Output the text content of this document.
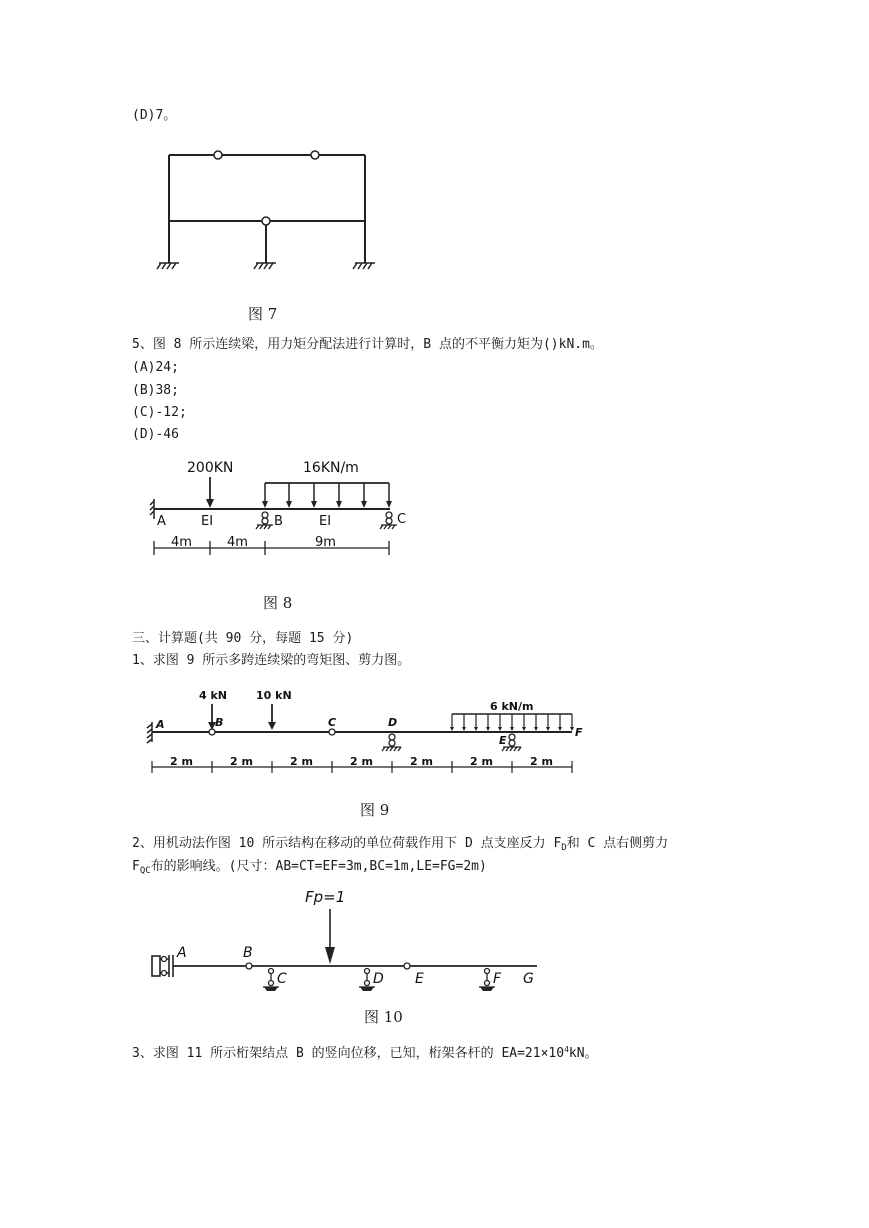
(D)7。
图 7
5、图 8 所示连续梁，用力矩分配法进行计算时，B 点的不平衡力矩为()kN.m。
(A)24;
(B)38;
(C)-12;
(D)-46
200KN	16KN/m
A	EI	B	EI	C
4m	4m	9m
图 8
三、计算题(共 90 分，每题 15 分)
1、求图 9 所示多跨连续梁的弯矩图、剪力图。
4 kN	10 kN
6 kN/m
A	B	C	D
E
F
2 m	2 m	2 m	2 m	2 m	2 m	2 m
图 9
2、用机动法作图 10 所示结构在移动的单位荷载作用下 D 点支座反力 $F_D$和 C 点右侧剪力
$F_{QC}$布的影响线。(尺寸：AB=CT=EF=3m,BC=1m,LE=FG=2m)
Fp=1
A	B
C	D E	F G
图 10
3、求图 11 所示桁架结点 B 的竖向位移，已知，桁架各杆的 $EA=21\times 10^4kN$。
